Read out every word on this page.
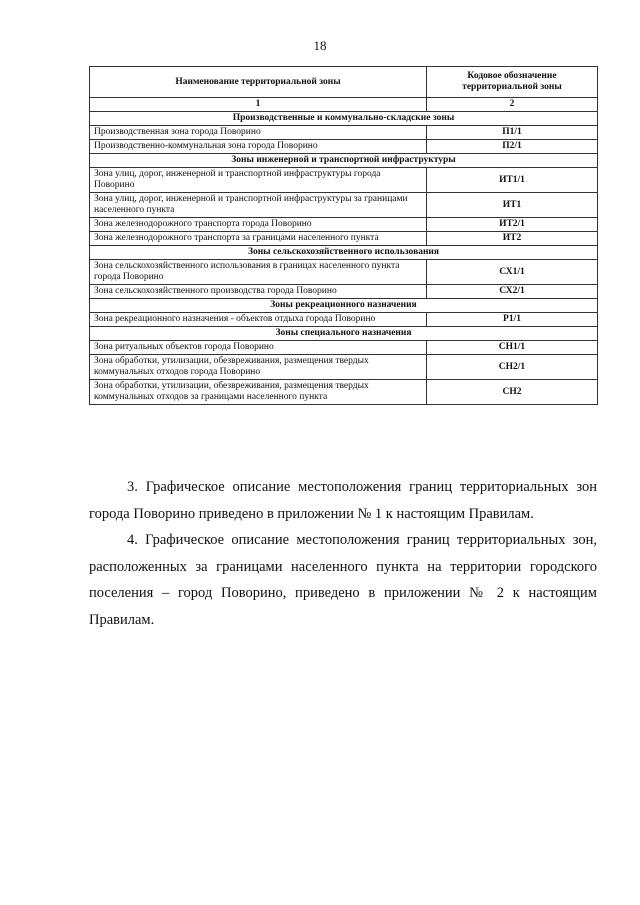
18
Наименование территориальной зоны	Кодовое обозначение территориальной зоны
1	2
Производственные и коммунально-складские зоны	
Производственная зона города Поворино	П1/1
Производственно-коммунальная зона города Поворино	П2/1
Зоны инженерной и транспортной инфраструктуры	
Зона улиц, дорог, инженерной и транспортной инфраструктуры города Поворино	ИТ1/1
Зона улиц, дорог, инженерной и транспортной инфраструктуры за границами населенного пункта	ИТ1
Зона железнодорожного транспорта города Поворино	ИТ2/1
Зона железнодорожного транспорта за границами населенного пункта	ИТ2
Зоны сельскохозяйственного использования	
Зона сельскохозяйственного использования в границах населенного пункта города Поворино	СХ1/1
Зона сельскохозяйственного производства города Поворино	СХ2/1
Зоны рекреационного назначения	
Зона рекреационного назначения - объектов отдыха города Поворино	Р1/1
Зоны специального назначения	
Зона ритуальных объектов города Поворино	СН1/1
Зона обработки, утилизации, обезвреживания, размещения твердых коммунальных отходов города Поворино	СН2/1
Зона обработки, утилизации, обезвреживания, размещения твердых коммунальных отходов за границами населенного пункта	СН2

3. Графическое описание местоположения границ территориальных зон города Поворино приведено в приложении № 1 к настоящим Правилам.

4. Графическое описание местоположения границ территориальных зон, расположенных за границами населенного пункта на территории городского поселения – город Поворино, приведено в приложении № 2 к настоящим Правилам.
